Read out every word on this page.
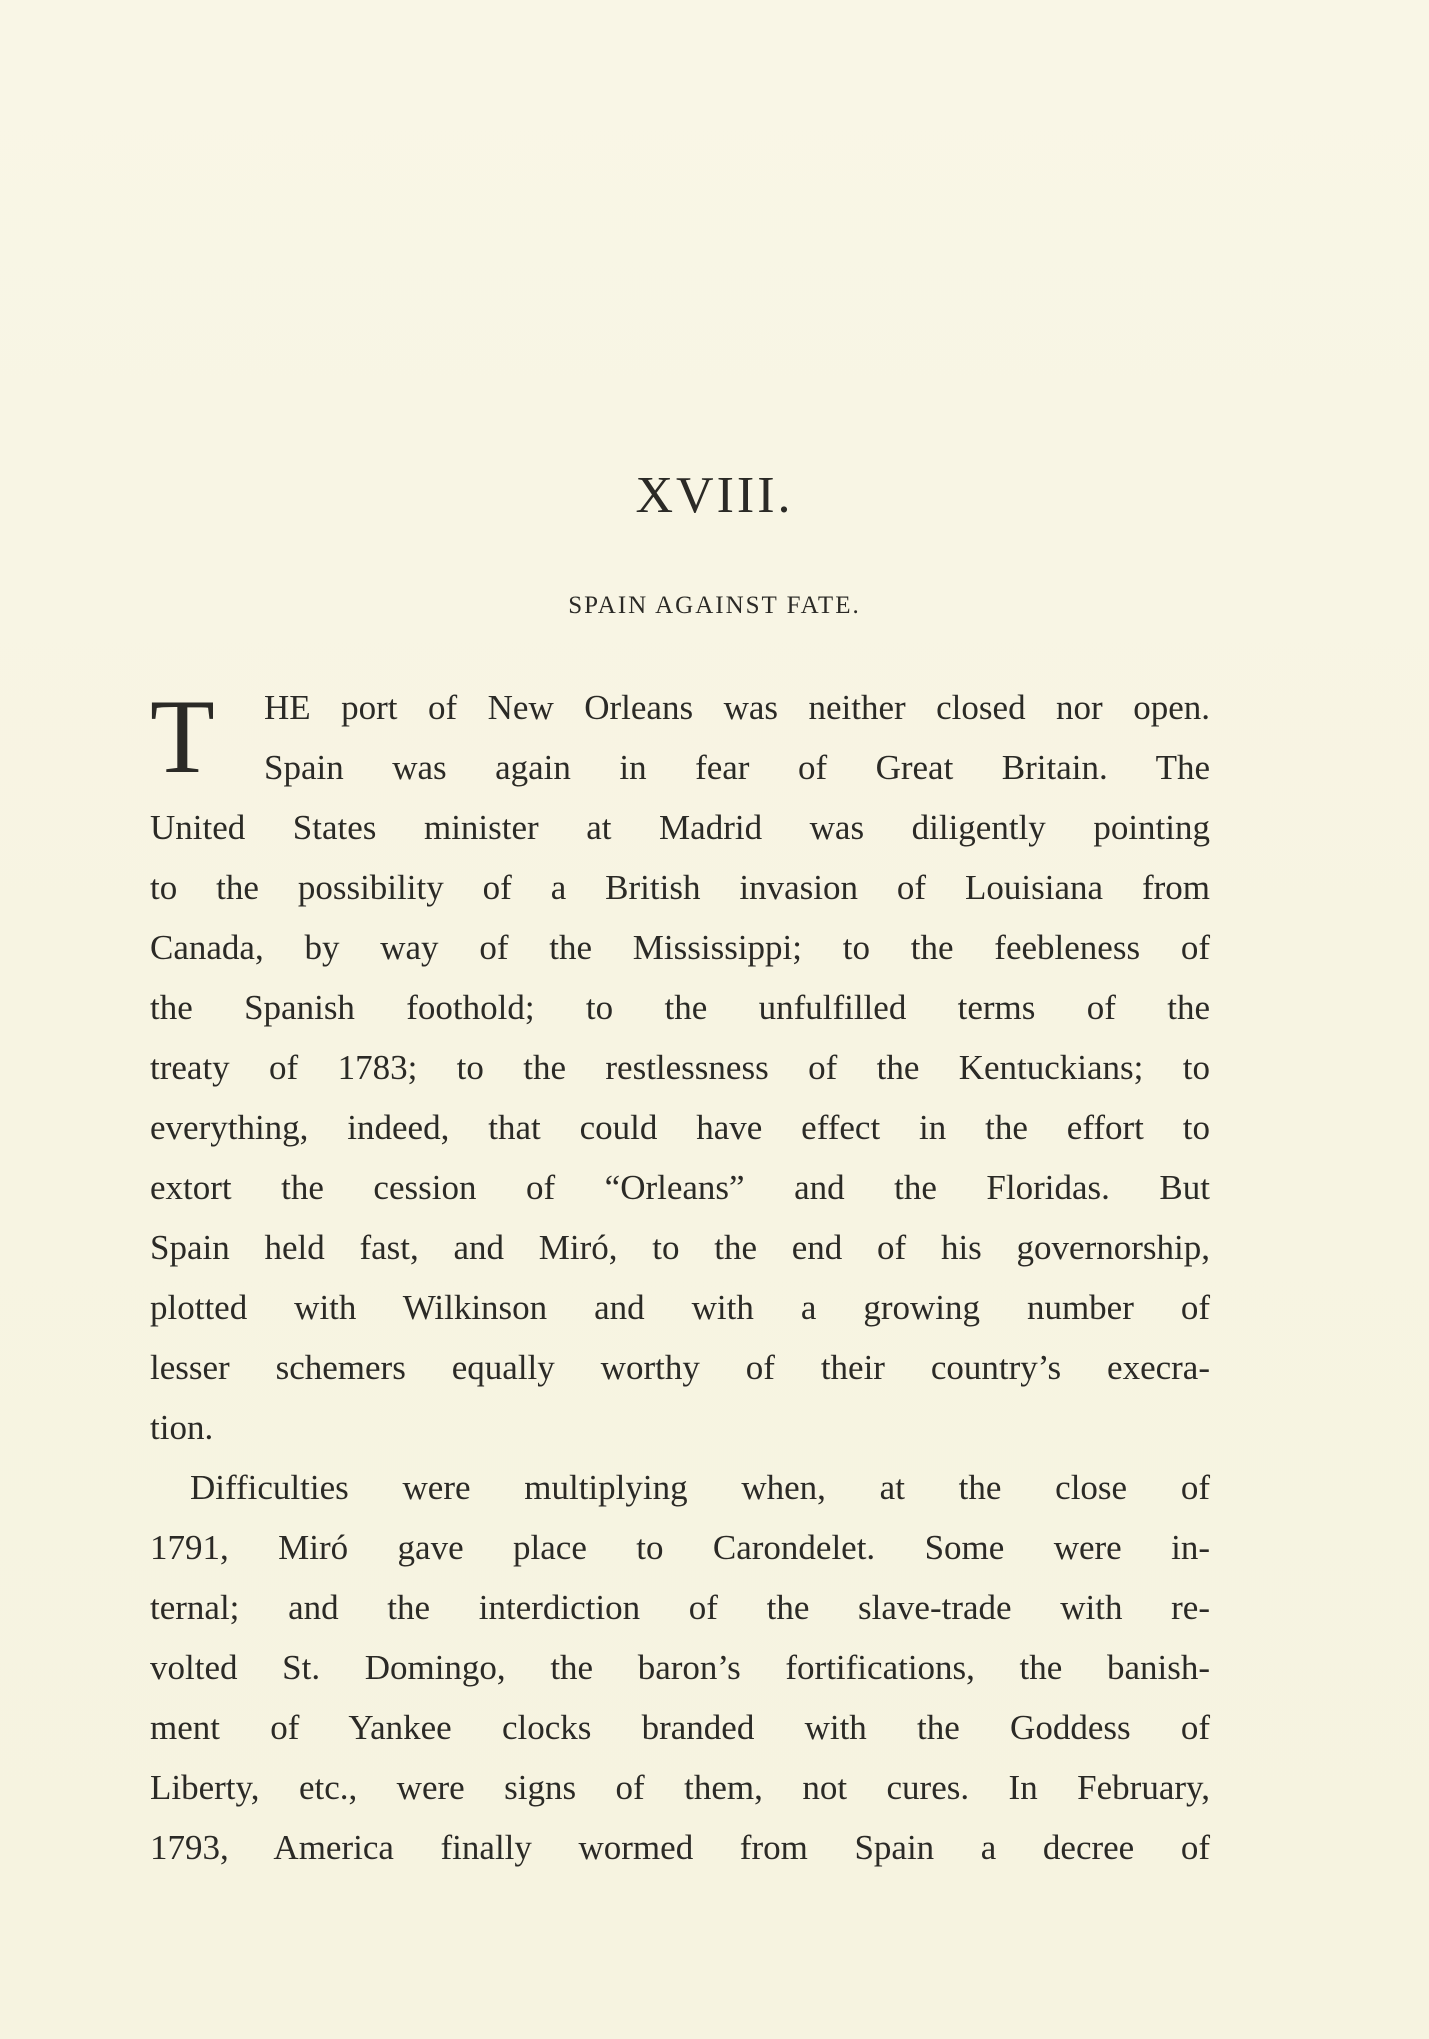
XVIII.
SPAIN AGAINST FATE.
T	HE port of New Orleans was neither closed nor open.
Spain was again in fear of Great Britain. The
United States minister at Madrid was diligently pointing
to the possibility of a British invasion of Louisiana from
Canada, by way of the Mississippi; to the feebleness of
the Spanish foothold; to the unfulfilled terms of the
treaty of 1783; to the restlessness of the Kentuckians; to
everything, indeed, that could have effect in the effort to
extort the cession of “Orleans” and the Floridas. But
Spain held fast, and Miró, to the end of his governorship,
plotted with Wilkinson and with a growing number of
lesser schemers equally worthy of their country’s execra-
tion.
Difficulties were multiplying when, at the close of
1791, Miró gave place to Carondelet. Some were in-
ternal; and the interdiction of the slave-trade with re-
volted St. Domingo, the baron’s fortifications, the banish-
ment of Yankee clocks branded with the Goddess of
Liberty, etc., were signs of them, not cures. In February,
1793, America finally wormed from Spain a decree of
